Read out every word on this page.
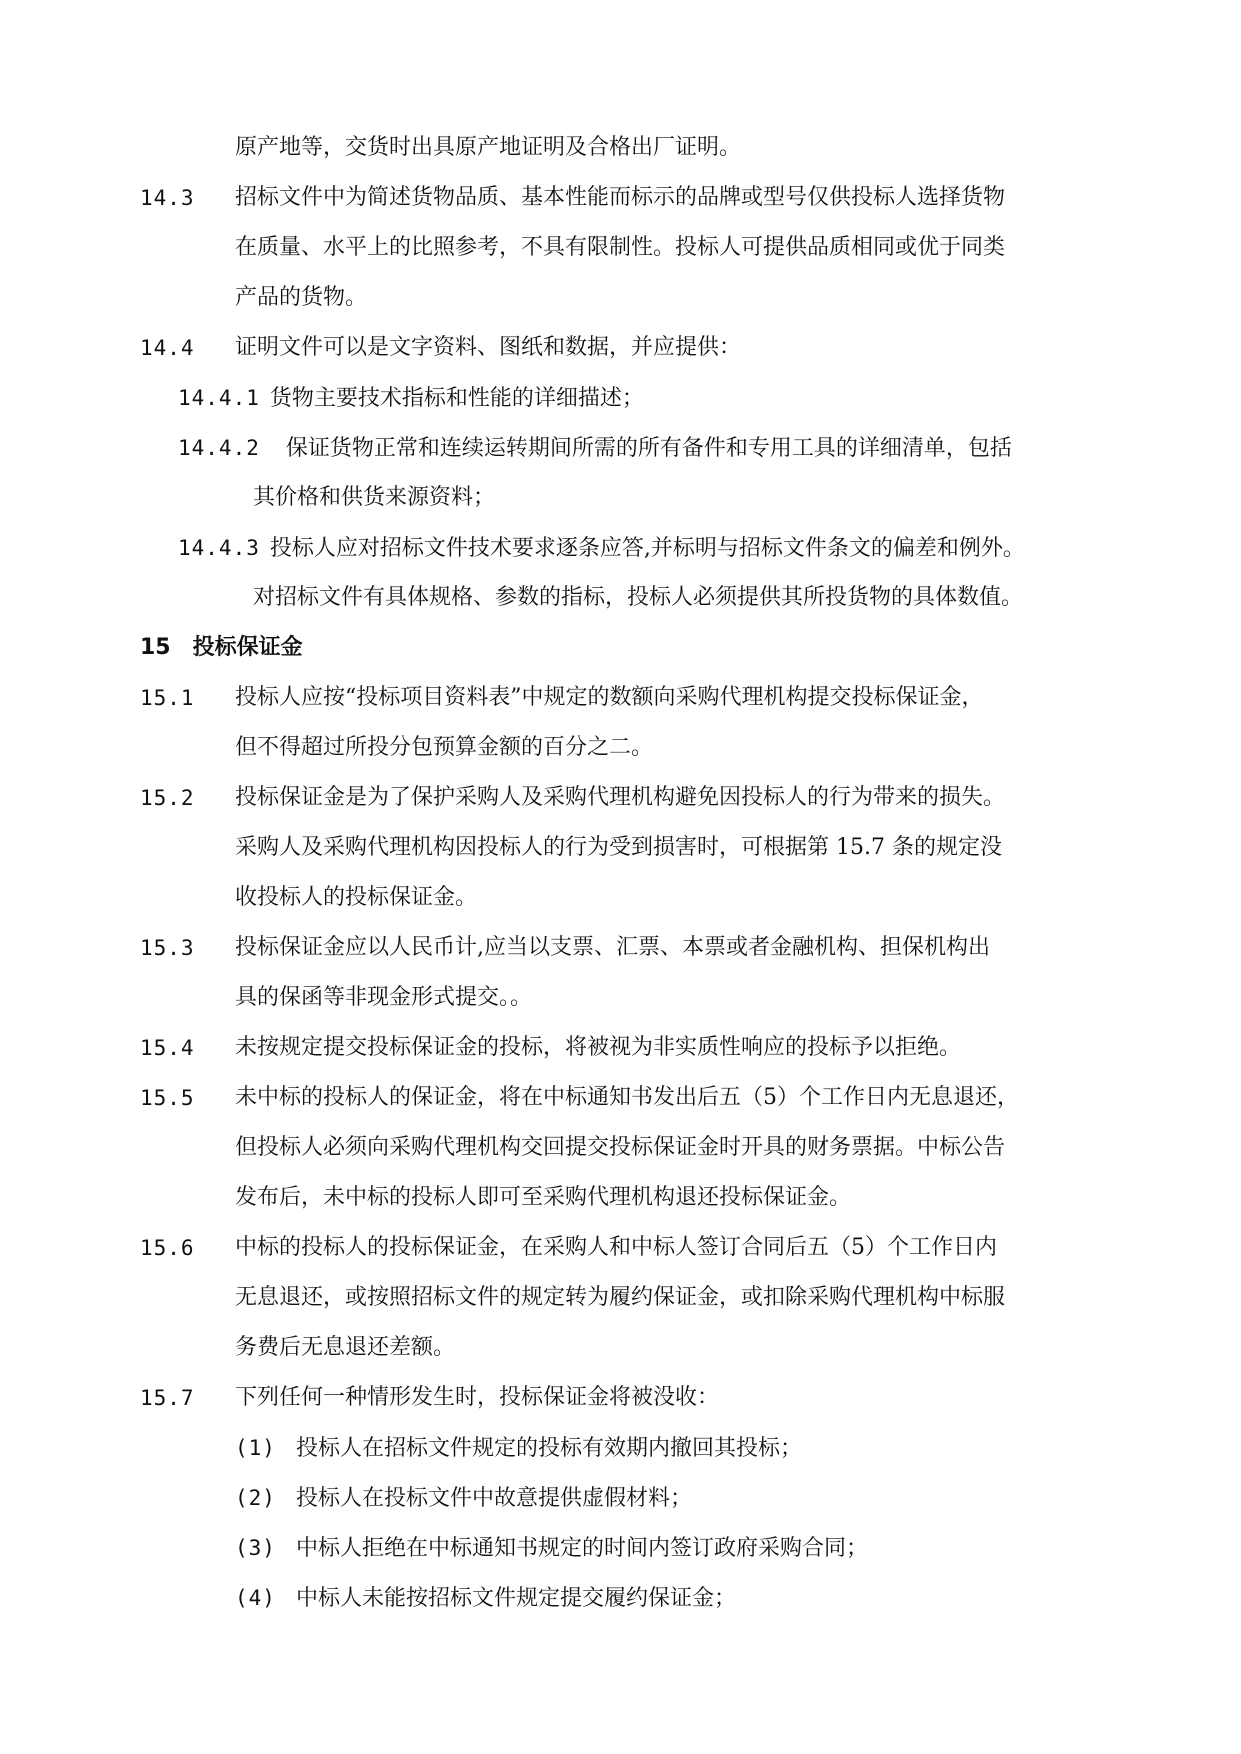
原产地等，交货时出具原产地证明及合格出厂证明。
14.3 招标文件中为简述货物品质、基本性能而标示的品牌或型号仅供投标人选择货物
在质量、水平上的比照参考，不具有限制性。投标人可提供品质相同或优于同类
产品的货物。
14.4 证明文件可以是文字资料、图纸和数据，并应提供：
14.4.1 货物主要技术指标和性能的详细描述；
14.4.2 保证货物正常和连续运转期间所需的所有备件和专用工具的详细清单，包括
其价格和供货来源资料；
14.4.3 投标人应对招标文件技术要求逐条应答,并标明与招标文件条文的偏差和例外。
对招标文件有具体规格、参数的指标，投标人必须提供其所投货物的具体数值。
15 投标保证金
15.1 投标人应按“投标项目资料表”中规定的数额向采购代理机构提交投标保证金，
但不得超过所投分包预算金额的百分之二。
15.2 投标保证金是为了保护采购人及采购代理机构避免因投标人的行为带来的损失。
采购人及采购代理机构因投标人的行为受到损害时，可根据第 15.7 条的规定没
收投标人的投标保证金。
15.3 投标保证金应以人民币计,应当以支票、汇票、本票或者金融机构、担保机构出
具的保函等非现金形式提交。。
15.4 未按规定提交投标保证金的投标，将被视为非实质性响应的投标予以拒绝。
15.5 未中标的投标人的保证金，将在中标通知书发出后五（5）个工作日内无息退还，
但投标人必须向采购代理机构交回提交投标保证金时开具的财务票据。中标公告
发布后，未中标的投标人即可至采购代理机构退还投标保证金。
15.6 中标的投标人的投标保证金，在采购人和中标人签订合同后五（5）个工作日内
无息退还，或按照招标文件的规定转为履约保证金，或扣除采购代理机构中标服
务费后无息退还差额。
15.7 下列任何一种情形发生时，投标保证金将被没收：
(1) 投标人在招标文件规定的投标有效期内撤回其投标；
(2) 投标人在投标文件中故意提供虚假材料；
(3) 中标人拒绝在中标通知书规定的时间内签订政府采购合同；
(4) 中标人未能按招标文件规定提交履约保证金；
